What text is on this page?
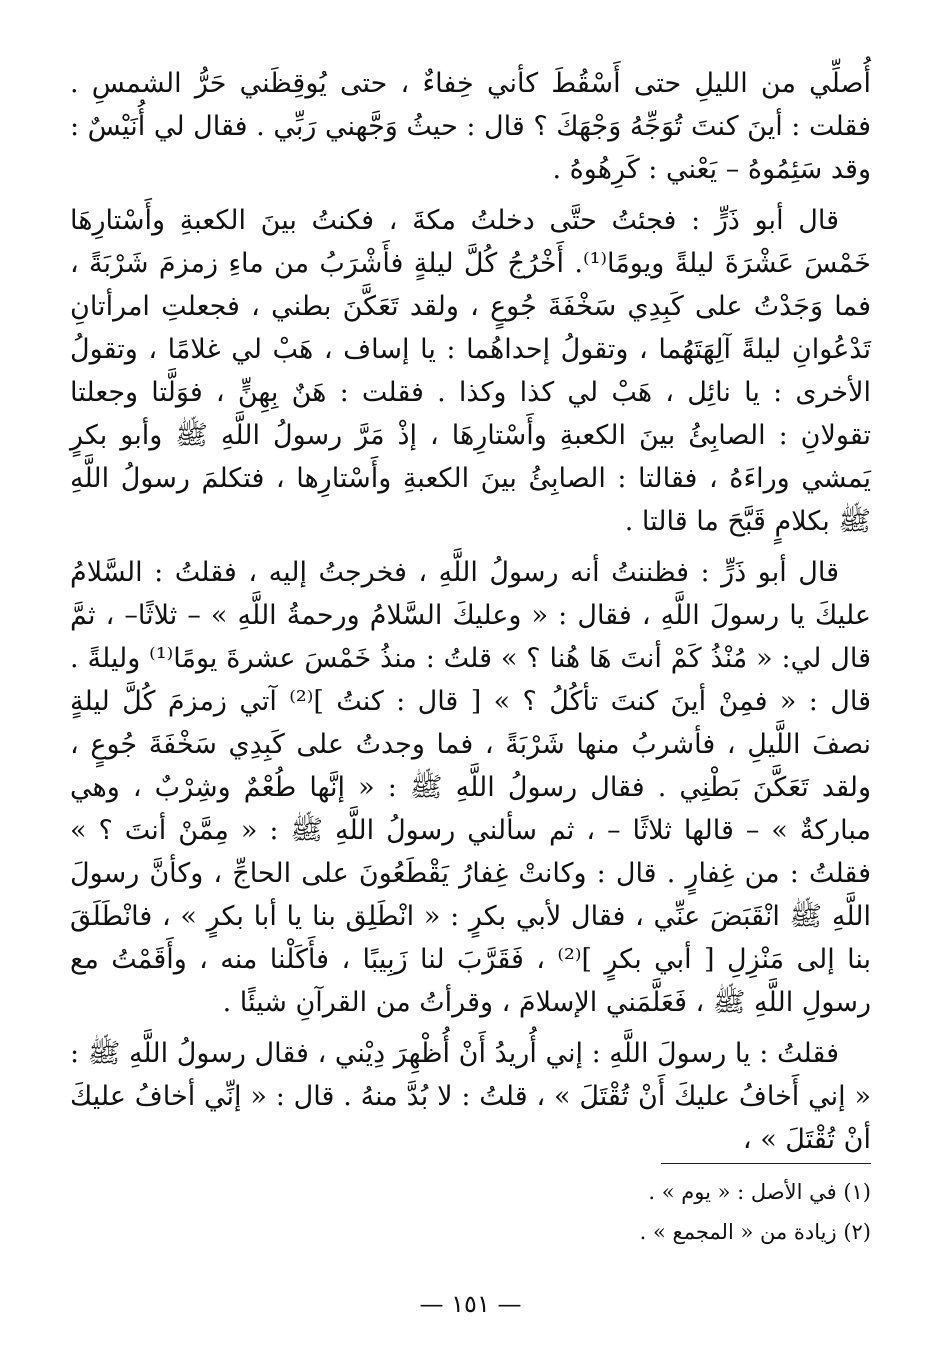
أُصلِّي من الليلِ حتى أَسْقُطَ كأني خِفاءٌ ، حتى يُوقِظَني حَرُّ الشمسِ . فقلت : أينَ كنتَ تُوَجِّهُ وَجْهَكَ ؟ قال : حيثُ وَجَّهني رَبِّي . فقال لي أُنَيْسٌ : وقد سَئِمُوهُ – يَعْني : كَرِهُوهُ .

قال أبو ذَرٍّ : فجئتُ حتَّى دخلتُ مكةَ ، فكنتُ بينَ الكعبةِ وأَسْتارِهَا خَمْسَ عَشْرَةَ ليلةً ويومًا⁽¹⁾. أَخْرُجُ كُلَّ ليلةٍ فأَشْرَبُ من ماءِ زمزمَ شَرْبَةً ، فما وَجَدْتُ على كَبِدِي سَخْفَةَ جُوعٍ ، ولقد تَعَكَّنَ بطني ، فجعلتِ امرأتانِ تَدْعُوانِ ليلةً آلِهَتَهُما ، وتقولُ إحداهُما : يا إساف ، هَبْ لي غلامًا ، وتقولُ الأخرى : يا نائِل ، هَبْ لي كذا وكذا . فقلت : هَنٌ بِهِنٍّ ، فوَلَّتا وجعلتا تقولانِ : الصابِئُ بينَ الكعبةِ وأَسْتارِهَا ، إذْ مَرَّ رسولُ اللَّهِ ﷺ وأبو بكرٍ يَمشي وراءَهُ ، فقالتا : الصابِئُ بينَ الكعبةِ وأَسْتارِها ، فتكلمَ رسولُ اللَّهِ ﷺ بكلامٍ قَبَّحَ ما قالتا .

قال أبو ذَرٍّ : فظننتُ أنه رسولُ اللَّهِ ، فخرجتُ إليه ، فقلتُ : السَّلامُ عليكَ يا رسولَ اللَّهِ ، فقال : « وعليكَ السَّلامُ ورحمةُ اللَّهِ » – ثلاثًا– ، ثمَّ قال لي: « مُنْذُ كَمْ أنتَ هَا هُنا ؟ » قلتُ : منذُ خَمْسَ عشرةَ يومًا⁽¹⁾ وليلةً . قال : « فمِنْ أينَ كنتَ تأكُلُ ؟ » [ قال : كنتُ ]⁽²⁾ آتي زمزمَ كُلَّ ليلةٍ نصفَ اللَّيلِ ، فأشربُ منها شَرْبَةً ، فما وجدتُ على كَبِدِي سَخْفَةَ جُوعٍ ، ولقد تَعَكَّنَ بَطْنِي . فقال رسولُ اللَّهِ ﷺ : « إنَّها طُعْمٌ وشِرْبٌ ، وهي مباركةٌ » – قالها ثلاثًا – ، ثم سألني رسولُ اللَّهِ ﷺ : « مِمَّنْ أنتَ ؟ » فقلتُ : من غِفارٍ . قال : وكانتْ غِفارُ يَقْطَعُونَ على الحاجِّ ، وكأنَّ رسولَ اللَّهِ ﷺ انْقَبَضَ عنِّي ، فقال لأبي بكرٍ : « انْطَلِق بنا يا أبا بكرٍ » ، فانْطَلَقَ بنا إلى مَنْزِلِ [ أبي بكرٍ ]⁽²⁾ ، فَقَرَّبَ لنا زَبِيبًا ، فأَكَلْنا منه ، وأَقَمْتُ مع رسولِ اللَّهِ ﷺ ، فَعَلَّمَني الإسلامَ ، وقرأتُ من القرآنِ شيئًا .

فقلتُ : يا رسولَ اللَّهِ : إني أُريدُ أَنْ أُظْهِرَ دِيْني ، فقال رسولُ اللَّهِ ﷺ : « إني أَخافُ عليكَ أَنْ تُقْتَلَ » ، قلتُ : لا بُدَّ منهُ . قال : « إنِّي أخافُ عليكَ أنْ تُقْتَلَ » ،

(١) في الأصل : « يوم » .

(٢) زيادة من « المجمع » .

— ١٥١ —
